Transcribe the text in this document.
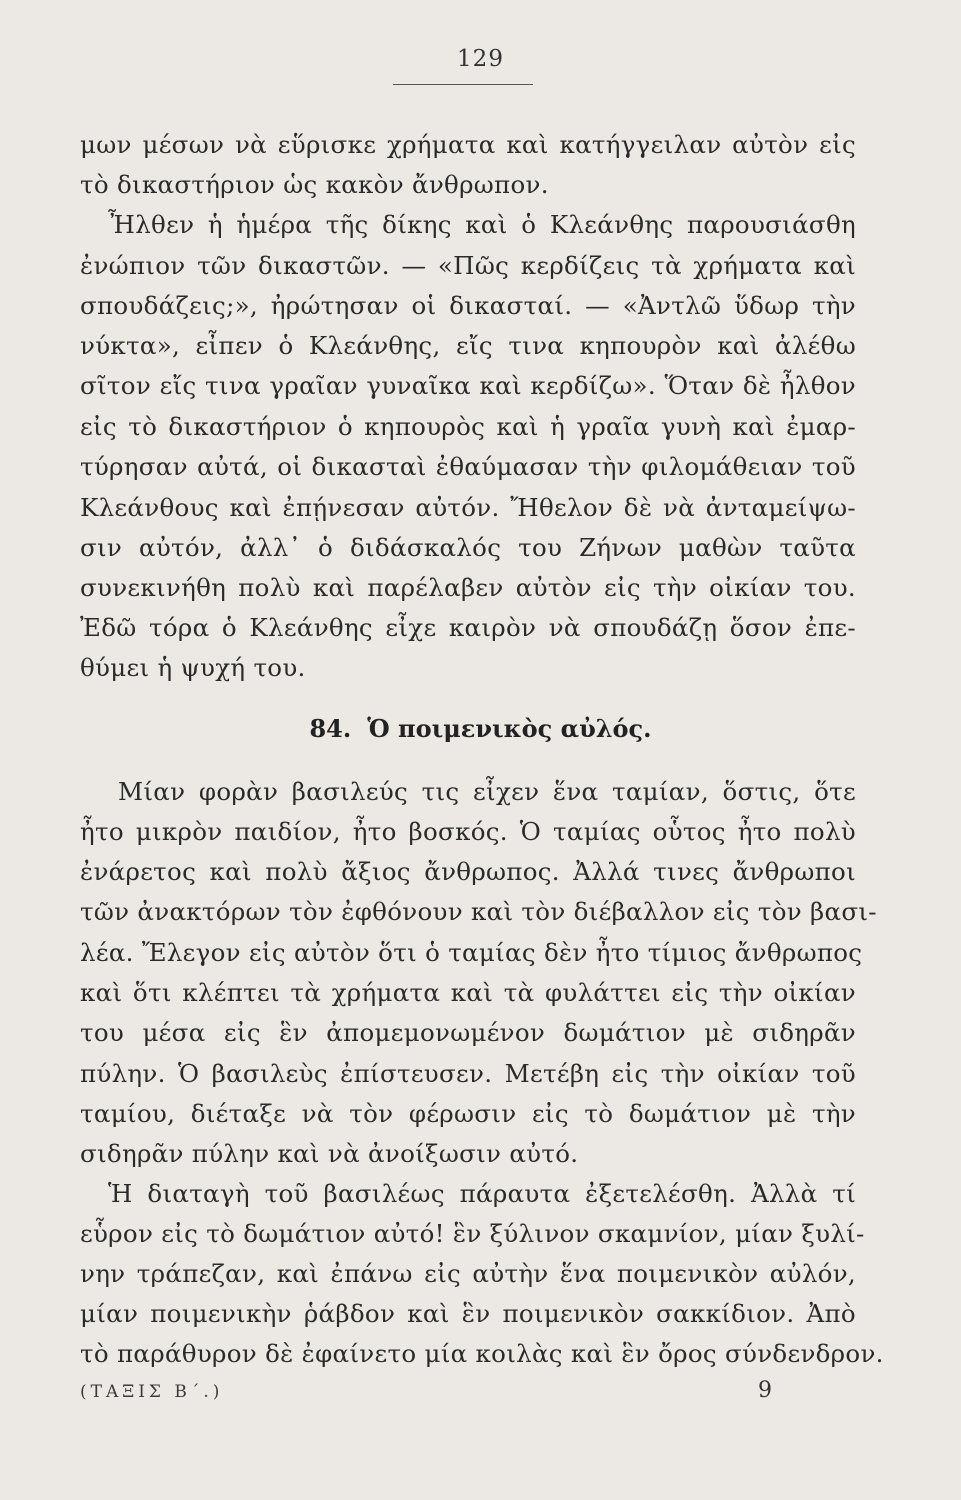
129
μων μέσων νὰ εὕρισκε χρήματα καὶ κατήγγειλαν αὐτὸν εἰς
τὸ δικαστήριον ὡς κακὸν ἄνθρωπον.
Ἦλθεν ἡ ἡμέρα τῆς δίκης καὶ ὁ Κλεάνθης παρουσιάσθη
ἐνώπιον τῶν δικαστῶν. — «Πῶς κερδίζεις τὰ χρήματα καὶ
σπουδάζεις;», ἠρώτησαν οἱ δικασταί. — «Ἀντλῶ ὕδωρ τὴν
νύκτα», εἶπεν ὁ Κλεάνθης, εἴς τινα κηπουρὸν καὶ ἀλέθω
σῖτον εἴς τινα γραῖαν γυναῖκα καὶ κερδίζω». Ὅταν δὲ ἦλθον
εἰς τὸ δικαστήριον ὁ κηπουρὸς καὶ ἡ γραῖα γυνὴ καὶ ἐμαρ-
τύρησαν αὐτά, οἱ δικασταὶ ἐθαύμασαν τὴν φιλομάθειαν τοῦ
Κλεάνθους καὶ ἐπῄνεσαν αὐτόν. Ἤθελον δὲ νὰ ἀνταμείψω-
σιν αὐτόν, ἀλλ᾿ ὁ διδάσκαλός του Ζήνων μαθὼν ταῦτα
συνεκινήθη πολὺ καὶ παρέλαβεν αὐτὸν εἰς τὴν οἰκίαν του.
Ἐδῶ τόρα ὁ Κλεάνθης εἶχε καιρὸν νὰ σπουδάζῃ ὅσον ἐπε-
θύμει ἡ ψυχή του.
84. Ὁ ποιμενικὸς αὐλός.
Μίαν φορὰν βασιλεύς τις εἶχεν ἕνα ταμίαν, ὅστις, ὅτε
ἦτο μικρὸν παιδίον, ἦτο βοσκός. Ὁ ταμίας οὗτος ἦτο πολὺ
ἐνάρετος καὶ πολὺ ἄξιος ἄνθρωπος. Ἀλλά τινες ἄνθρωποι
τῶν ἀνακτόρων τὸν ἐφθόνουν καὶ τὸν διέβαλλον εἰς τὸν βασι-
λέα. Ἔλεγον εἰς αὐτὸν ὅτι ὁ ταμίας δὲν ἦτο τίμιος ἄνθρωπος
καὶ ὅτι κλέπτει τὰ χρήματα καὶ τὰ φυλάττει εἰς τὴν οἰκίαν
του μέσα εἰς ἓν ἀπομεμονωμένον δωμάτιον μὲ σιδηρᾶν
πύλην. Ὁ βασιλεὺς ἐπίστευσεν. Μετέβη εἰς τὴν οἰκίαν τοῦ
ταμίου, διέταξε νὰ τὸν φέρωσιν εἰς τὸ δωμάτιον μὲ τὴν
σιδηρᾶν πύλην καὶ νὰ ἀνοίξωσιν αὐτό.
Ἡ διαταγὴ τοῦ βασιλέως πάραυτα ἐξετελέσθη. Ἀλλὰ τί
εὗρον εἰς τὸ δωμάτιον αὐτό! ἓν ξύλινον σκαμνίον, μίαν ξυλί-
νην τράπεζαν, καὶ ἐπάνω εἰς αὐτὴν ἕνα ποιμενικὸν αὐλόν,
μίαν ποιμενικὴν ῥάβδον καὶ ἓν ποιμενικὸν σακκίδιον. Ἀπὸ
τὸ παράθυρον δὲ ἐφαίνετο μία κοιλὰς καὶ ἓν ὄρος σύνδενδρον.
(ΤΑΞΙΣ Β΄.)	9
